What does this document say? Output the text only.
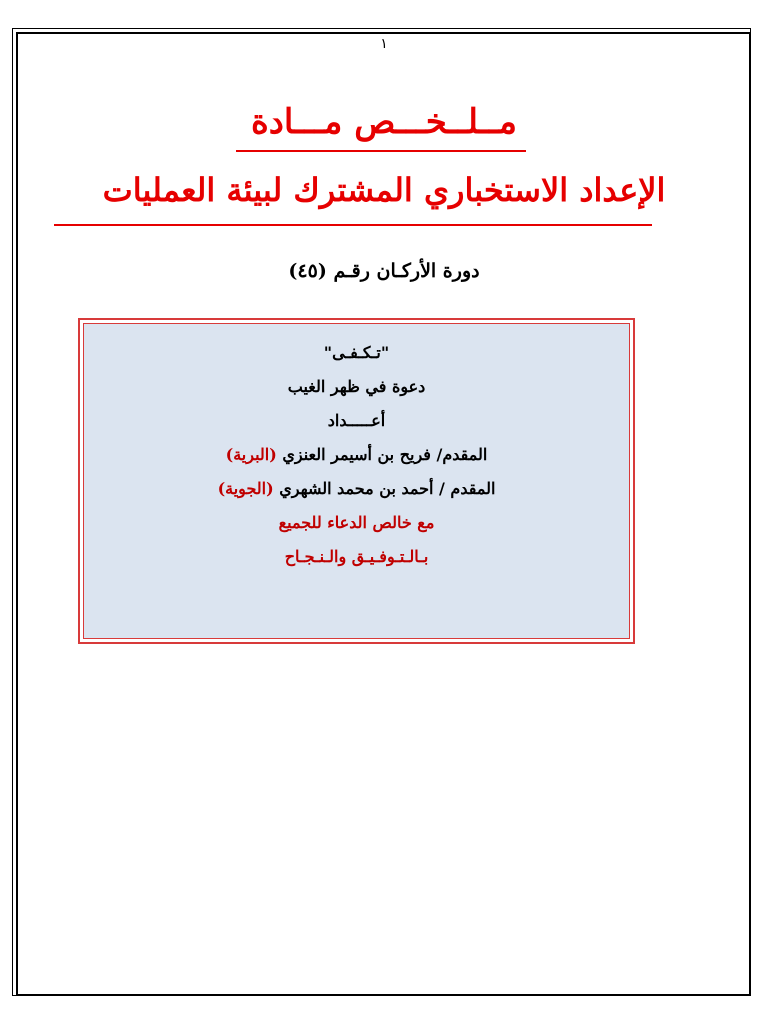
١
مــلــخـــص مـــادة
الإعداد الاستخباري المشترك لبيئة العمليات
دورة الأركـان رقـم (٤٥)
"تـكـفـى"
دعوة في ظهر الغيب
أعـــــداد
المقدم/ فريح بن أسيمر العنزي (البرية)
المقدم / أحمد بن محمد الشهري (الجوية)
مع خالص الدعاء للجميع
بـالـتـوفـيـق والـنـجـاح
